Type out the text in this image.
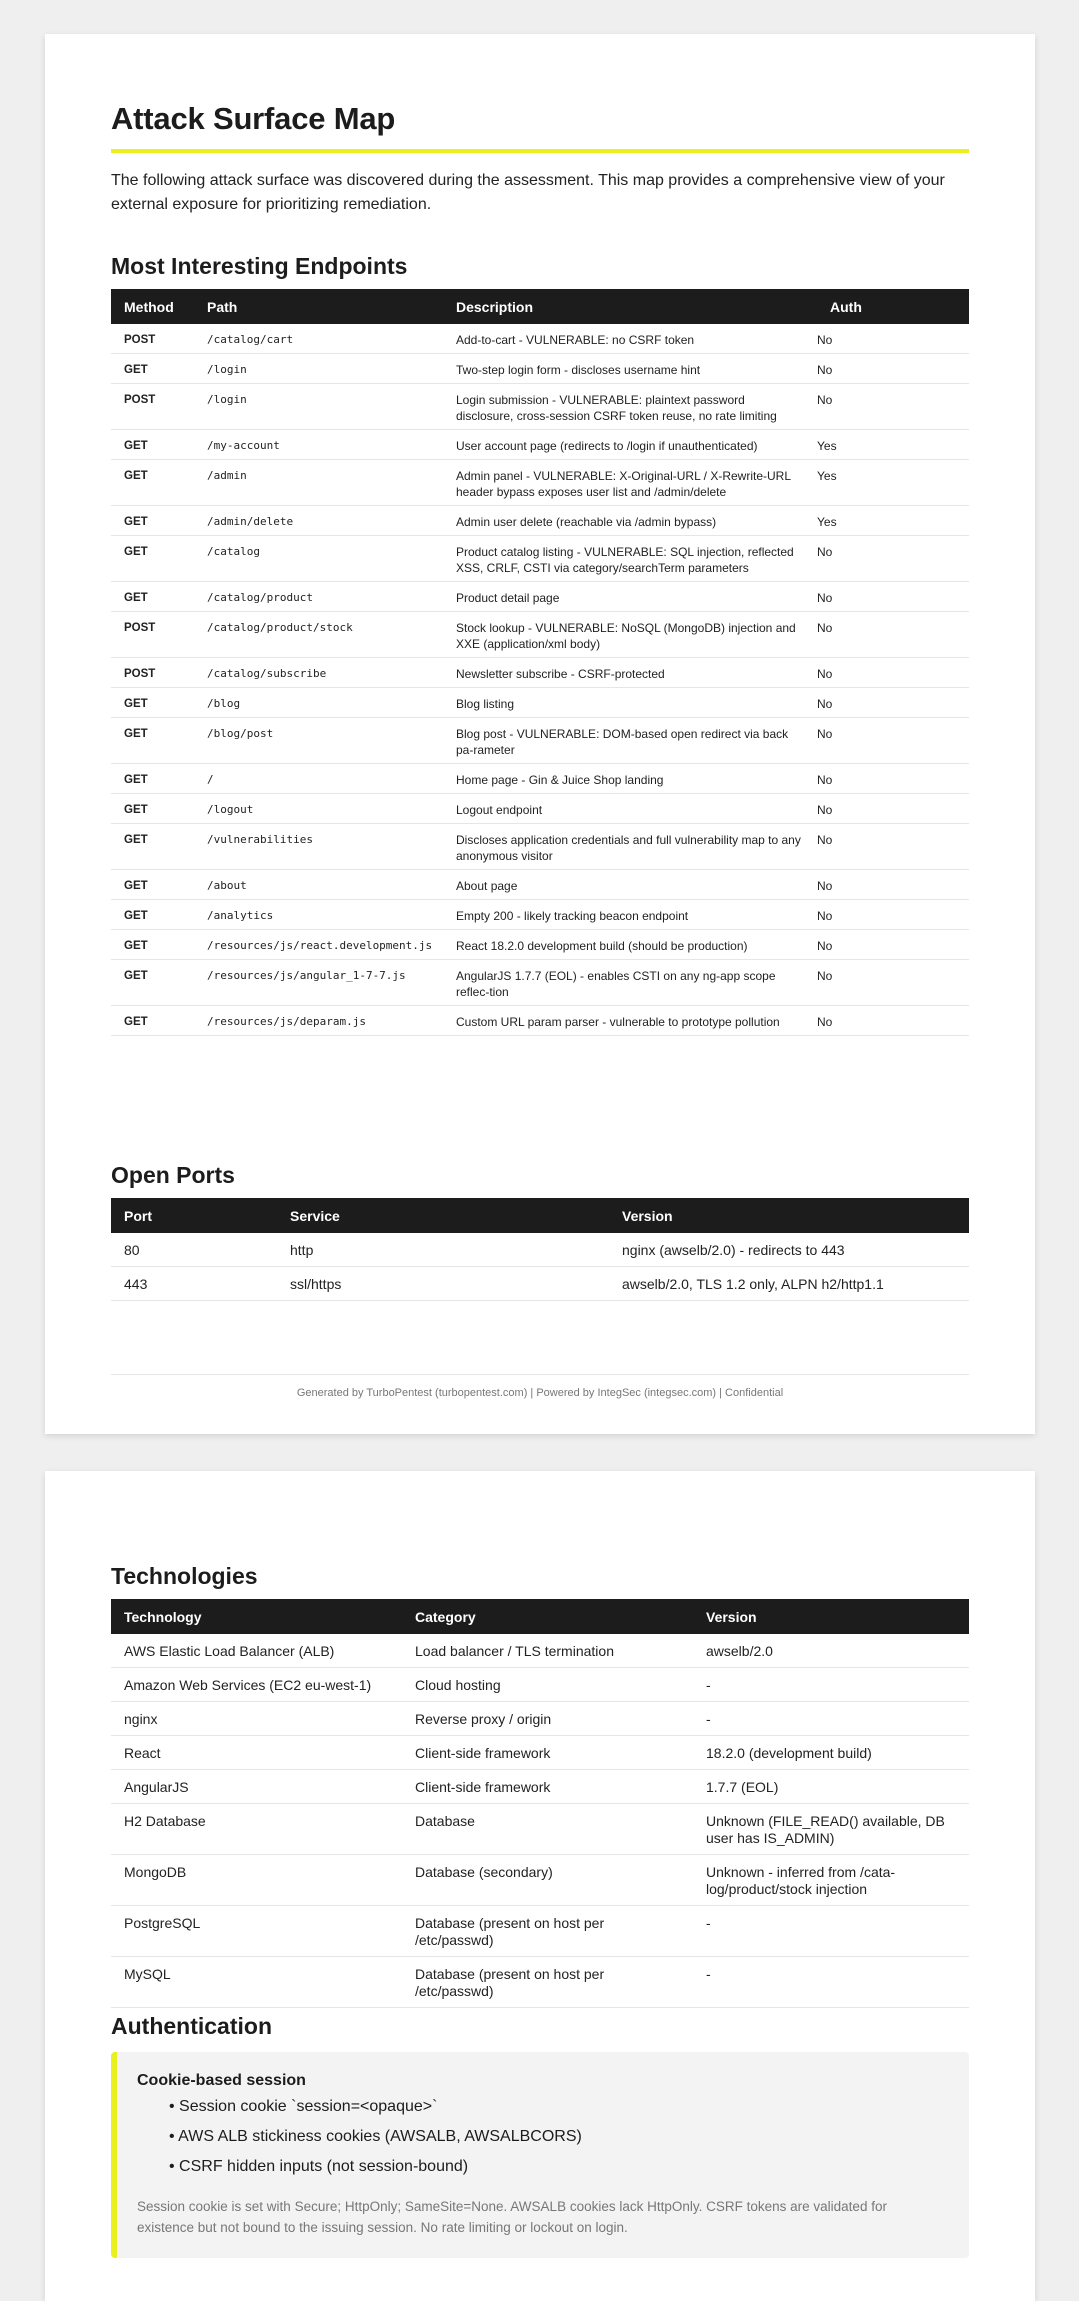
Attack Surface Map

The following attack surface was discovered during the assessment. This map provides a comprehensive view of your external exposure for prioritizing remediation.

Most Interesting Endpoints
Method	Path	Description	Auth
POST	/catalog/cart	Add-to-cart - VULNERABLE: no CSRF token	No
GET	/login	Two-step login form - discloses username hint	No
POST	/login	Login submission - VULNERABLE: plaintext password disclosure, cross-session CSRF token reuse, no rate limiting	No
GET	/my-account	User account page (redirects to /login if unauthenticated)	Yes
GET	/admin	Admin panel - VULNERABLE: X-Original-URL / X-Rewrite-URL header bypass exposes user list and /admin/delete	Yes
GET	/admin/delete	Admin user delete (reachable via /admin bypass)	Yes
GET	/catalog	Product catalog listing - VULNERABLE: SQL injection, reflected XSS, CRLF, CSTI via category/searchTerm parameters	No
GET	/catalog/product	Product detail page	No
POST	/catalog/product/stock	Stock lookup - VULNERABLE: NoSQL (MongoDB) injection and XXE (application/xml body)	No
POST	/catalog/subscribe	Newsletter subscribe - CSRF-protected	No
GET	/blog	Blog listing	No
GET	/blog/post	Blog post - VULNERABLE: DOM-based open redirect via back pa-rameter	No
GET	/	Home page - Gin & Juice Shop landing	No
GET	/logout	Logout endpoint	No
GET	/vulnerabilities	Discloses application credentials and full vulnerability map to any anonymous visitor	No
GET	/about	About page	No
GET	/analytics	Empty 200 - likely tracking beacon endpoint	No
GET	/resources/js/react.development.js	React 18.2.0 development build (should be production)	No
GET	/resources/js/angular_1-7-7.js	AngularJS 1.7.7 (EOL) - enables CSTI on any ng-app scope reflec-tion	No
GET	/resources/js/deparam.js	Custom URL param parser - vulnerable to prototype pollution	No
Open Ports
Port	Service	Version
80	http	nginx (awselb/2.0) - redirects to 443
443	ssl/https	awselb/2.0, TLS 1.2 only, ALPN h2/http1.1
Generated by TurboPentest (turbopentest.com) | Powered by IntegSec (integsec.com) | Confidential
Technologies
Technology	Category	Version
AWS Elastic Load Balancer (ALB)	Load balancer / TLS termination	awselb/2.0
Amazon Web Services (EC2 eu-west-1)	Cloud hosting	-
nginx	Reverse proxy / origin	-
React	Client-side framework	18.2.0 (development build)
AngularJS	Client-side framework	1.7.7 (EOL)
H2 Database	Database	Unknown (FILE_READ() available, DB user has IS_ADMIN)
MongoDB	Database (secondary)	Unknown - inferred from /cata-log/product/stock injection
PostgreSQL	Database (present on host per /etc/passwd)	-
MySQL	Database (present on host per /etc/passwd)	-
Authentication
Cookie-based session
• Session cookie `session=<opaque>`
• AWS ALB stickiness cookies (AWSALB, AWSALBCORS)
• CSRF hidden inputs (not session-bound)
Session cookie is set with Secure; HttpOnly; SameSite=None. AWSALB cookies lack HttpOnly. CSRF tokens are validated for existence but not bound to the issuing session. No rate limiting or lockout on login.
